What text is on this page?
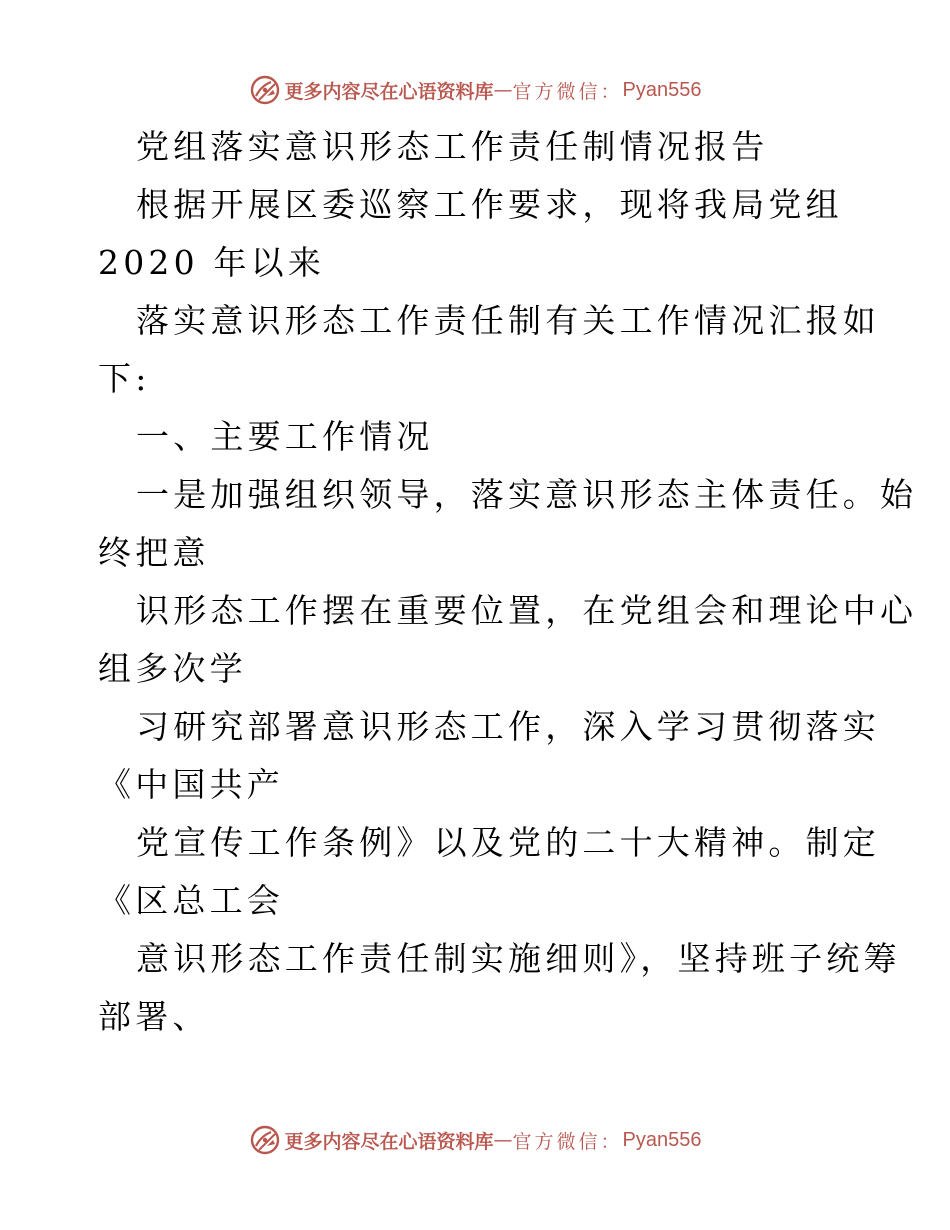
更多内容尽在心语资料库 — 官方微信： Pyan556
党组落实意识形态工作责任制情况报告
根据开展区委巡察工作要求，现将我局党组
2020 年以来
落实意识形态工作责任制有关工作情况汇报如
下:
一、主要工作情况
一是加强组织领导，落实意识形态主体责任。始
终把意
识形态工作摆在重要位置，在党组会和理论中心
组多次学
习研究部署意识形态工作，深入学习贯彻落实
《中国共产
党宣传工作条例》以及党的二十大精神。制定
《区总工会
意识形态工作责任制实施细则》，坚持班子统筹
部署、
更多内容尽在心语资料库 — 官方微信： Pyan556
